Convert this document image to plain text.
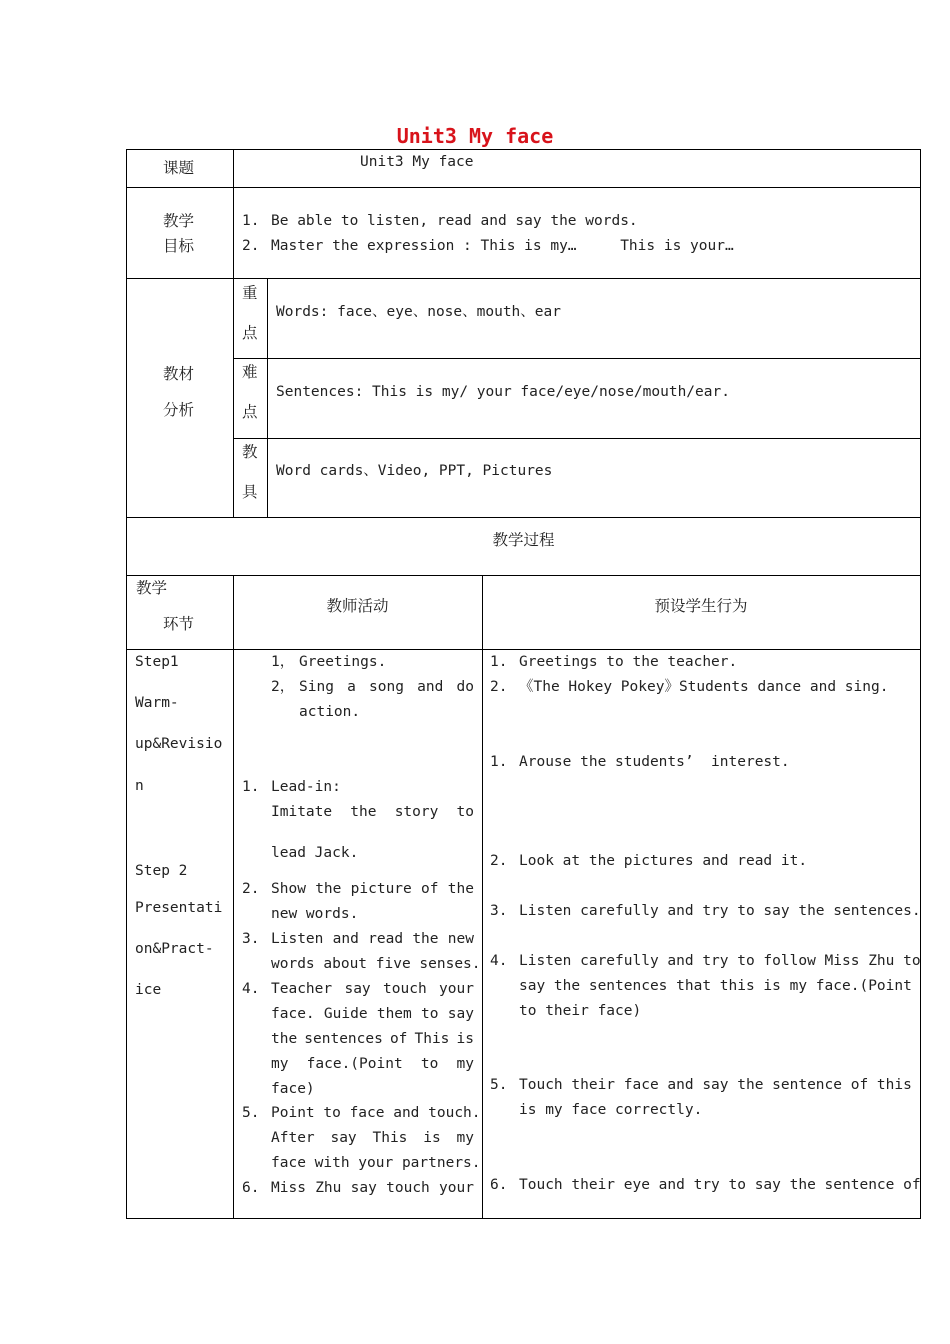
Unit3 My face
课题	Unit3 My face
教学
目标
1. Be able to listen, read and say the words.
2. Master the expression : This is my…     This is your…
教材
分析
重
点
Words: face、eye、nose、mouth、ear
难
点
Sentences: This is my/ your face/eye/nose/mouth/ear.
教
具
Word cards、Video, PPT, Pictures
教学过程
教学
环节
教师活动	预设学生行为
Step1
Warm-
up&Revisio
n
Step 2
Presentati
on&Pract-
ice
1， Greetings.
2， Sing a song and do
action.
1. Lead-in:
Imitate the story to
lead Jack.
2. Show the picture of the
new words.
3. Listen and read the new
words about five senses.
4. Teacher say touch your
face. Guide them to say
the sentences of This is
my face.(Point to my
face)
5. Point to face and touch.
After say This is my
face with your partners.
6. Miss Zhu say touch your
1. Greetings to the teacher.
2. 《The Hokey Pokey》Students dance and sing.
1. Arouse the students’  interest.
2. Look at the pictures and read it.
3. Listen carefully and try to say the sentences.
4. Listen carefully and try to follow Miss Zhu to
say the sentences that this is my face.(Point
to their face)
5. Touch their face and say the sentence of this
is my face correctly.
6. Touch their eye and try to say the sentence of
